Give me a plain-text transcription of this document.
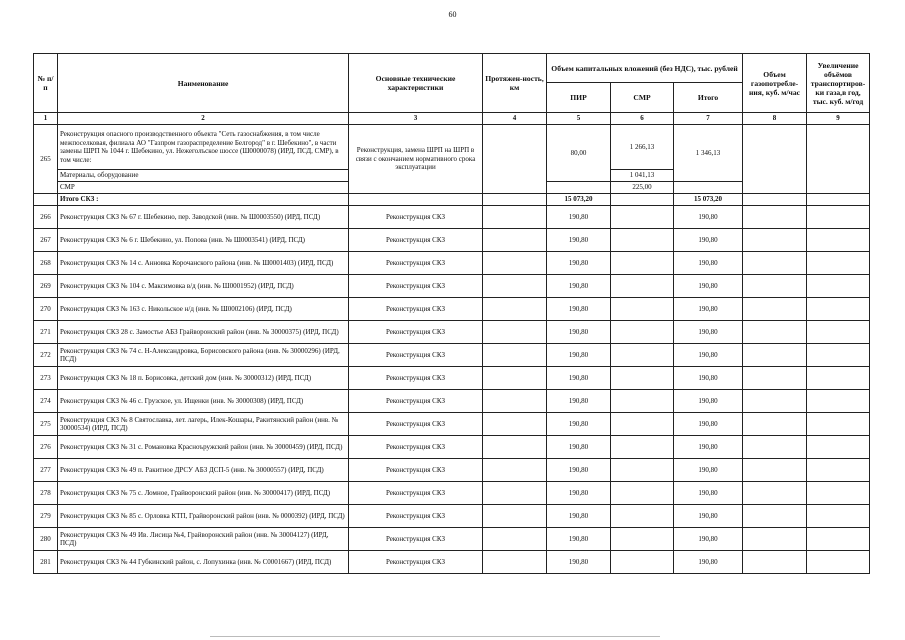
60
№ п/п	Наименование	Основные технические характеристики	Протяжен-ность, км	Объем капитальных вложений (без НДС), тыс. рублей			Объем газопотребле-ния, куб. м/час	Увеличение объёмов транспортиров-ки газа,в год, тыс. куб. м/год
				ПИР	СМР	Итого		
1	2	3	4	5	6	7	8	9
265	Реконструкция опасного производственного объекта "Сеть газоснабжения, в том числе межпоселковая, филиала АО "Газпром газораспределение Белгород" в г. Шебекино", в части замены ШРП № 1044 г. Шебекино, ул. Нежеголъское шоссе (Ш0000078) (ИРД, ПСД, СМР), в том числе:	Реконструкция, замена ШРП на ШРП в связи с окончанием нормативного срока эксплуатации		80,00	1 266,13	1 346,13		
	Материалы, оборудование				1 041,13			
	СМР				225,00			
	Итого СКЗ :			15 073,20		15 073,20		
266	Реконструкция СКЗ № 67 г. Шебекино, пер. Заводской (инв. № Ш0003550) (ИРД, ПСД)	Реконструкция СКЗ		190,80		190,80		
267	Реконструкция СКЗ № 6 г. Шебекино, ул. Попова (инв. № Ш0003541) (ИРД, ПСД)	Реконструкция СКЗ		190,80		190,80		
268	Реконструкция СКЗ № 14 с. Анновка Корочанского района (инв. № Ш0001403) (ИРД, ПСД)	Реконструкция СКЗ		190,80		190,80		
269	Реконструкция СКЗ № 104 с. Максимовка в/д (инв. № Ш0001952) (ИРД, ПСД)	Реконструкция СКЗ		190,80		190,80		
270	Реконструкция СКЗ № 163 с. Никольское н/д (инв. № Ш0002106) (ИРД, ПСД)	Реконструкция СКЗ		190,80		190,80		
271	Реконструкция СКЗ 28 с. Замостье АБЗ Грайворонский район (инв. № 30000375) (ИРД, ПСД)	Реконструкция СКЗ		190,80		190,80		
272	Реконструкция СКЗ № 74 с. Н-Александровка, Борисовского района (инв. № 30000296) (ИРД, ПСД)	Реконструкция СКЗ		190,80		190,80		
273	Реконструкция СКЗ № 18 п. Борисовка, детский дом (инв. № 30000312) (ИРД, ПСД)	Реконструкция СКЗ		190,80		190,80		
274	Реконструкция СКЗ № 46 с. Грузское, ул. Ищенки (инв. № 30000308) (ИРД, ПСД)	Реконструкция СКЗ		190,80		190,80		
275	Реконструкция СКЗ № 8 Святославка, лет. лагерь, Илек-Кошары, Ракитянский район (инв. № 30000534) (ИРД, ПСД)	Реконструкция СКЗ		190,80		190,80		
276	Реконструкция СКЗ № 31 с. Романовка Красноъружский район (инв. № 30000459) (ИРД, ПСД)	Реконструкция СКЗ		190,80		190,80		
277	Реконструкция СКЗ № 49 п. Ракитное ДРСУ АБЗ ДСП-5 (инв. № 30000557) (ИРД, ПСД)	Реконструкция СКЗ		190,80		190,80		
278	Реконструкция СКЗ № 75 с. Ломное, Грайворонский район (инв. № 30000417) (ИРД, ПСД)	Реконструкция СКЗ		190,80		190,80		
279	Реконструкция СКЗ № 85 с. Орловка КТП, Грайворонский район (инв. № 0000392) (ИРД, ПСД)	Реконструкция СКЗ		190,80		190,80		
280	Реконструкция СКЗ № 49 Ив. Лисица №4, Грайворонский район (инв. № 30004127) (ИРД, ПСД)	Реконструкция СКЗ		190,80		190,80		
281	Реконструкция СКЗ № 44 Губкинский район, с. Лопухинка (инв. № С0001667) (ИРД, ПСД)	Реконструкция СКЗ		190,80		190,80		
